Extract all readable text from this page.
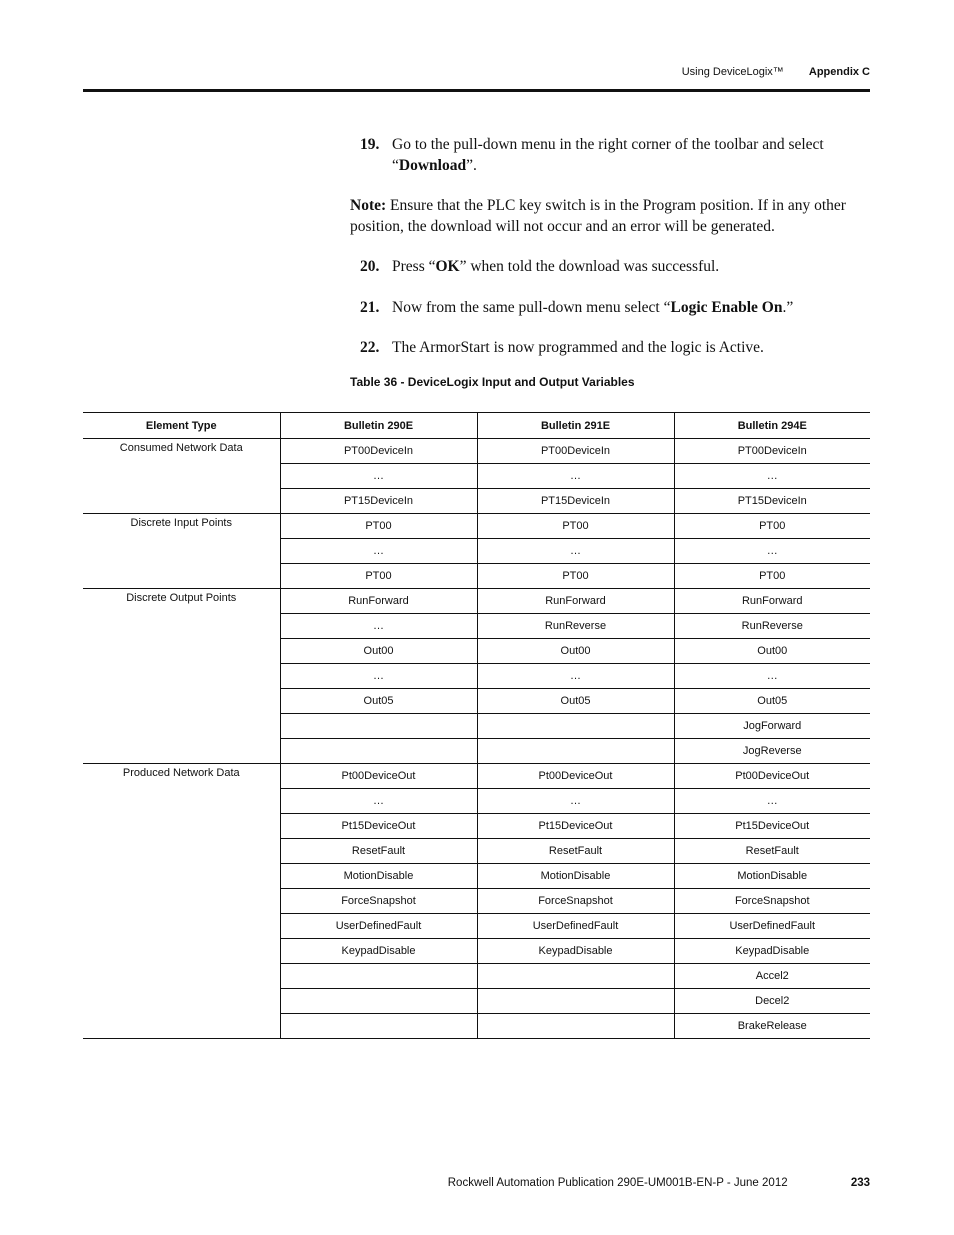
Using DeviceLogix™ Appendix C
19. Go to the pull-down menu in the right corner of the toolbar and select “Download”.

Note: Ensure that the PLC key switch is in the Program position. If in any other position, the download will not occur and an error will be generated.

20. Press “OK” when told the download was successful.
21. Now from the same pull-down menu select “Logic Enable On.”
22. The ArmorStart is now programmed and the logic is Active.
Table 36 - DeviceLogix Input and Output Variables
Element Type	Bulletin 290E	Bulletin 291E	Bulletin 294E
Consumed Network Data	PT00DeviceIn	PT00DeviceIn	PT00DeviceIn
	…	…	…
	PT15DeviceIn	PT15DeviceIn	PT15DeviceIn
Discrete Input Points	PT00	PT00	PT00
	…	…	…
	PT00	PT00	PT00
Discrete Output Points	RunForward	RunForward	RunForward
	…	RunReverse	RunReverse
	Out00	Out00	Out00
	…	…	…
	Out05	Out05	Out05
			JogForward
			JogReverse
Produced Network Data	Pt00DeviceOut	Pt00DeviceOut	Pt00DeviceOut
	…	…	…
	Pt15DeviceOut	Pt15DeviceOut	Pt15DeviceOut
	ResetFault	ResetFault	ResetFault
	MotionDisable	MotionDisable	MotionDisable
	ForceSnapshot	ForceSnapshot	ForceSnapshot
	UserDefinedFault	UserDefinedFault	UserDefinedFault
	KeypadDisable	KeypadDisable	KeypadDisable
			Accel2
			Decel2
			BrakeRelease
Rockwell Automation Publication 290E-UM001B-EN-P - June 2012	233
